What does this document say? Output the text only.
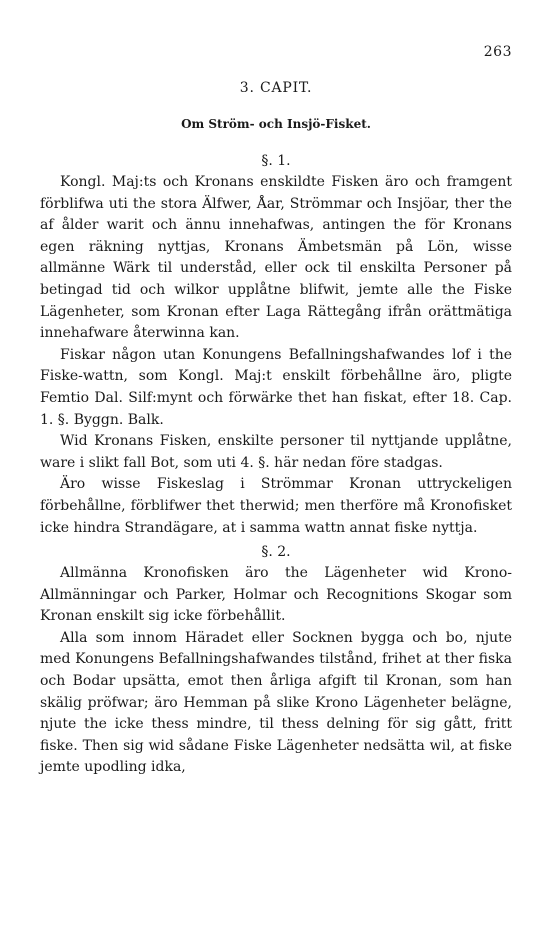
263
3. CAPIT.
Om Ström- och Insjö-Fisket.

§. 1.

Kongl. Maj:ts och Kronans enskildte Fisken äro och framgent förblifwa uti the stora Älfwer, Åar, Strömmar och Insjöar, ther the af ålder warit och ännu innehafwas, antingen the för Kronans egen räkning nyttjas, Kronans Ämbetsmän på Lön, wisse allmänne Wärk til underståd, eller ock til enskilta Personer på betingad tid och wilkor upplåtne blifwit, jemte alle the Fiske Lägenheter, som Kronan efter Laga Rättegång ifrån orättmätiga innehafware återwinna kan.

Fiskar någon utan Konungens Befallningshafwandes lof i the Fiske-wattn, som Kongl. Maj:t enskilt förbehållne äro, pligte Femtio Dal. Silf:mynt och förwärke thet han fiskat, efter 18. Cap. 1. §. Byggn. Balk.

Wid Kronans Fisken, enskilte personer til nyttjande upplåtne, ware i slikt fall Bot, som uti 4. §. här nedan före stadgas.

Äro wisse Fiskeslag i Strömmar Kronan uttryckeligen förbehållne, förblifwer thet therwid; men therföre må Kronofisket icke hindra Strandägare, at i samma wattn annat fiske nyttja.

§. 2.

Allmänna Kronofisken äro the Lägenheter wid Krono-Allmänningar och Parker, Holmar och Recognitions Skogar som Kronan enskilt sig icke förbehållit.

Alla som innom Häradet eller Socknen bygga och bo, njute med Konungens Befallningshafwandes tilstånd, frihet at ther fiska och Bodar upsätta, emot then årliga afgift til Kronan, som han skälig pröfwar; äro Hemman på slike Krono Lägenheter belägne, njute the icke thess mindre, til thess delning för sig gått, fritt fiske. Then sig wid sådane Fiske Lägenheter nedsätta wil, at fiske jemte upodling idka,
